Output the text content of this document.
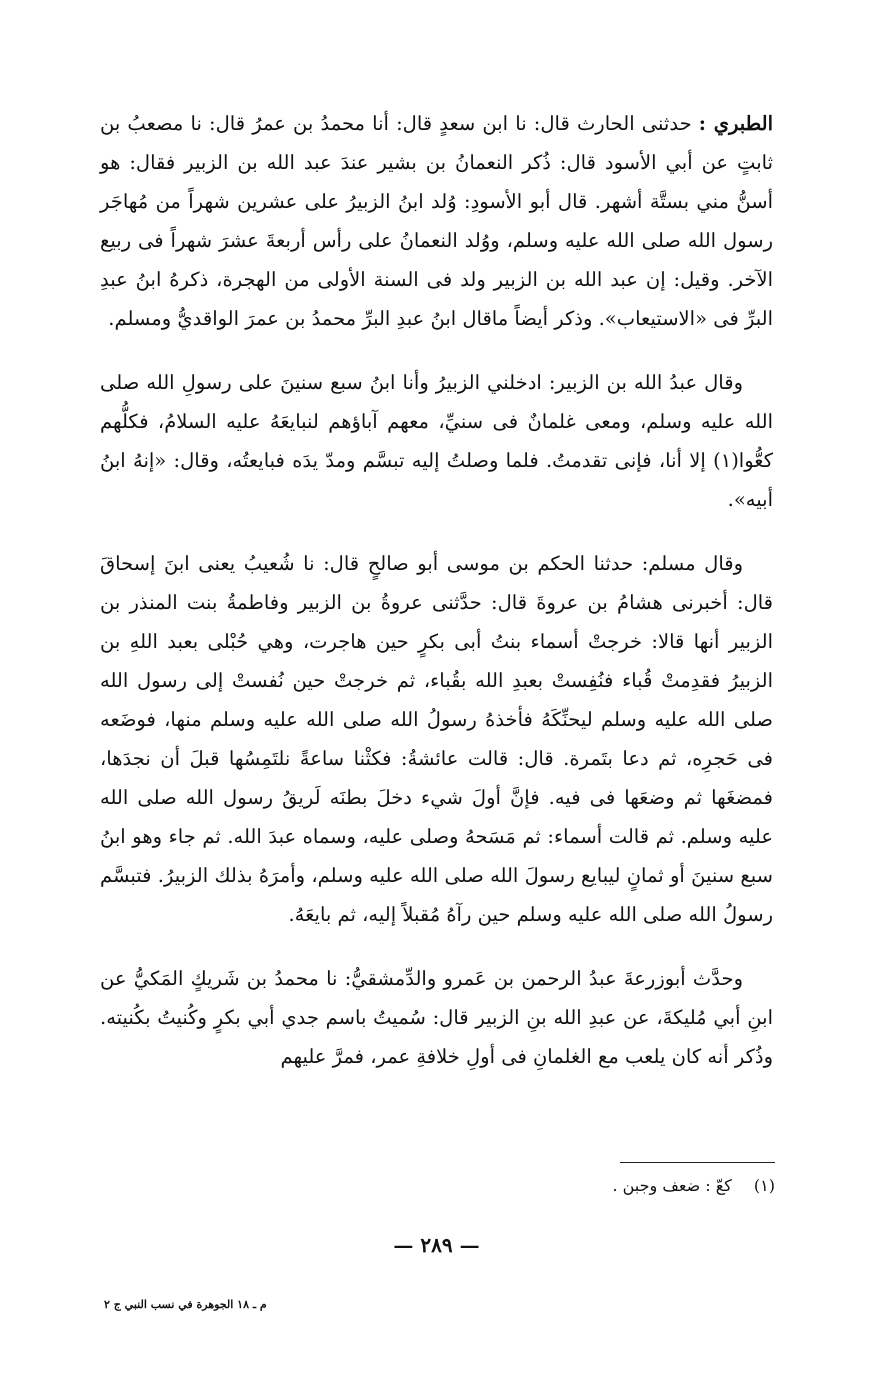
الطبري : حدثنى الحارث قال: نا ابن سعدٍ قال: أنا محمدُ بن عمرُ قال: نا مصعبُ بن ثابتٍ عن أبي الأسود قال: ذُكر النعمانُ بن بشير عندَ عبد الله بن الزبير فقال: هو أسنُّ مني بستَّة أشهر. قال أبو الأسودِ: وُلد ابنُ الزبيرُ على عشرين شهراً من مُهاجَر رسول الله صلى الله عليه وسلم، ووُلد النعمانُ على رأس أربعةَ عشرَ شهراً فى ربيع الآخر. وقيل: إن عبد الله بن الزبير ولد فى السنة الأولى من الهجرة، ذكرهُ ابنُ عبدِ البرِّ فى «الاستيعاب». وذكر أيضاً ماقال ابنُ عبدِ البرِّ محمدُ بن عمرَ الواقديُّ ومسلم.

وقال عبدُ الله بن الزبير: ادخلني الزبيرُ وأنا ابنُ سبع سنينَ على رسولِ الله صلى الله عليه وسلم، ومعى غلمانٌ فى سنيِّ، معهم آباؤهم لنبايعَهُ عليه السلامُ، فكلُّهم كعُّوا(١) إلا أنا، فإنى تقدمتُ. فلما وصلتُ إليه تبسَّم ومدّ يدَه فبايعتُه، وقال: «إنهُ ابنُ أبيه».

وقال مسلم: حدثنا الحكم بن موسى أبو صالحٍ قال: نا شُعيبُ يعنى ابنَ إسحاقَ قال: أخبرنى هشامُ بن عروةَ قال: حدَّثنى عروةُ بن الزبير وفاطمةُ بنت المنذر بن الزبير أنها قالا: خرجتْ أسماء بنتُ أبى بكرٍ حين هاجرت، وهي حُبْلى بعبد اللهِ بن الزبيرُ فقدِمتْ قُباء فنُفِستْ بعبدِ الله بقُباء، ثم خرجتْ حين نُفستْ إلى رسول الله صلى الله عليه وسلم ليحنِّكَهُ فأخذهُ رسولُ الله صلى الله عليه وسلم منها، فوضَعه فى حَجرِه، ثم دعا بتَمرة. قال: قالت عائشةُ: فكثْنا ساعةً نلتَمِسُها قبلَ أن نجدَها، فمضغَها ثم وضعَها فى فيه. فإنَّ أولَ شيء دخلَ بطنَه لَريقُ رسول الله صلى الله عليه وسلم. ثم قالت أسماء: ثم مَسَحهُ وصلى عليه، وسماه عبدَ الله. ثم جاء وهو ابنُ سبع سنينَ أو ثمانٍ ليبايع رسولَ الله صلى الله عليه وسلم، وأمرَهُ بذلك الزبيرُ. فتبسَّم رسولُ الله صلى الله عليه وسلم حين رآهُ مُقبلاً إليه، ثم بايعَهُ.

وحدَّث أبوزرعةَ عبدُ الرحمن بن عَمرو والدِّمشقيُّ: نا محمدُ بن شَريكٍ المَكيُّ عن ابنِ أبي مُليكةَ، عن عبدِ الله بنِ الزبير قال: سُميتُ باسم جدي أبي بكرٍ وكُنيتُ بكُنيته. وذُكر أنه كان يلعب مع الغلمانِ فى أولِ خلافةِ عمر، فمرَّ عليهم

(١)كعّ : ضعف وجبن .
— ٢٨٩ —
م ـ ١٨ الجوهرة في نسب النبي ج ٢
